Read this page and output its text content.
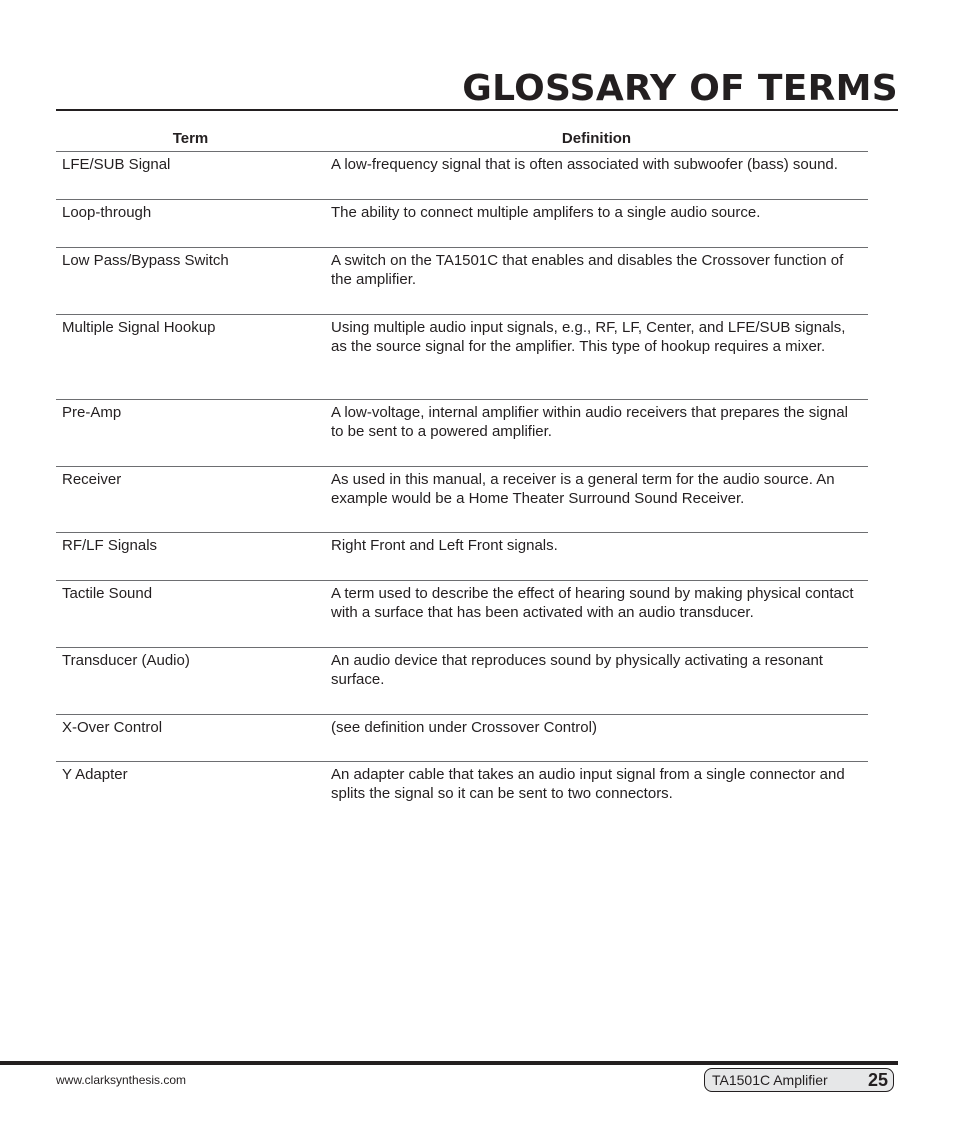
GLOSSARY OF TERMS
Term	Definition
LFE/SUB Signal	A low-frequency signal that is often associated with subwoofer (bass) sound.
Loop-through	The ability to connect multiple amplifers to a single audio source.
Low Pass/Bypass Switch	A switch on the TA1501C that enables and disables the Crossover function of the amplifier.
Multiple Signal Hookup	Using multiple audio input signals, e.g., RF, LF, Center, and LFE/SUB signals, as the source signal for the amplifier. This type of hookup requires a mixer.
Pre-Amp	A low-voltage, internal amplifier within audio receivers that prepares the signal to be sent to a powered amplifier.
Receiver	As used in this manual, a receiver is a general term for the audio source. An example would be a Home Theater Surround Sound Receiver.
RF/LF Signals	Right Front and Left Front signals.
Tactile Sound	A term used to describe the effect of hearing sound by making physical contact with a surface that has been activated with an audio transducer.
Transducer (Audio)	An audio device that reproduces sound by physically activating a resonant surface.
X-Over Control	(see definition under Crossover Control)
Y Adapter	An adapter cable that takes an audio input signal from a single connector and splits the signal so it can be sent to two connectors.
www.clarksynthesis.com	TA1501C Amplifier 25
